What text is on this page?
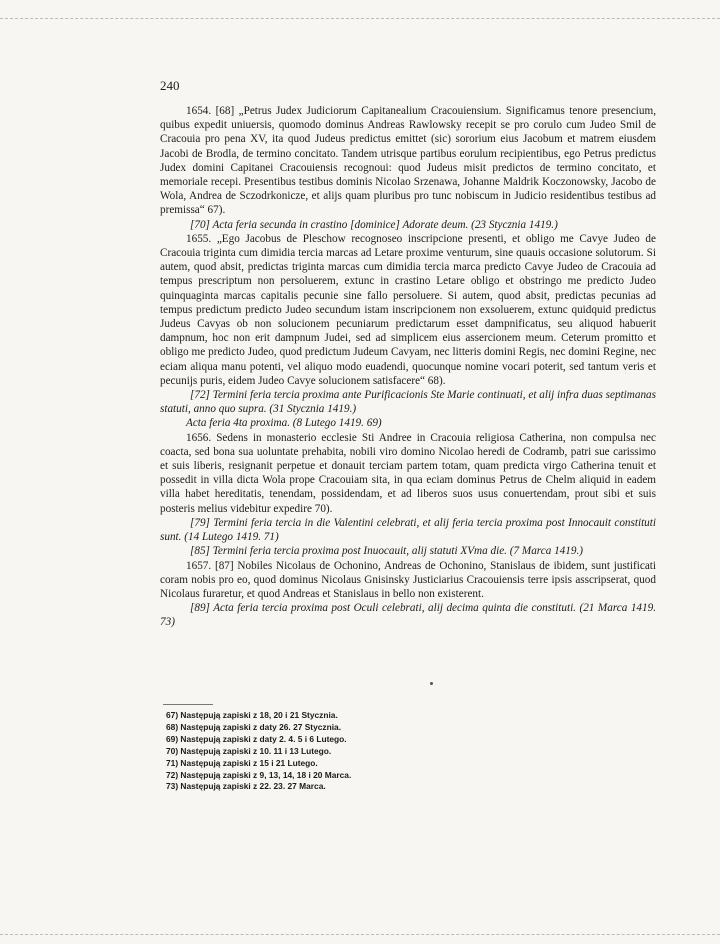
240

1654. [68] „Petrus Judex Judiciorum Capitanealium Cracouiensium. Significamus tenore presencium, quibus expedit uniuersis, quomodo dominus Andreas Rawlowsky recepit se pro corulo cum Judeo Smil de Cracouia pro pena XV, ita quod Judeus predictus emittet (sic) sororium eius Jacobum et matrem eiusdem Jacobi de Brodla, de termino concitato. Tandem utrisque partibus eorulum recipientibus, ego Petrus predictus Judex domini Capitanei Cracouiensis recognoui: quod Judeus misit predictos de termino concitato, et memoriale recepi. Presentibus testibus dominis Nicolao Srzenawa, Johanne Maldrik Koczonowsky, Jacobo de Wola, Andrea de Sczodrkonicze, et alijs quam pluribus pro tunc nobiscum in Judicio residentibus testibus ad premissa“ 67).

[70] Acta feria secunda in crastino [dominice] Adorate deum. (23 Stycznia 1419.)

1655. „Ego Jacobus de Pleschow recognoseo inscripcione presenti, et obligo me Cavye Judeo de Cracouia triginta cum dimidia tercia marcas ad Letare proxime venturum, sine quauis occasione solutorum. Si autem, quod absit, predictas triginta marcas cum dimidia tercia marca predicto Cavye Judeo de Cracouia ad tempus prescriptum non persoluerem, extunc in crastino Letare obligo et obstringo me predicto Judeo quinquaginta marcas capitalis pecunie sine fallo persoluere. Si autem, quod absit, predictas pecunias ad tempus predictum predicto Judeo secundum istam inscripcionem non exsoluerem, extunc quidquid predictus Judeus Cavyas ob non solucionem pecuniarum predictarum esset dampnificatus, seu aliquod habuerit dampnum, hoc non erit dampnum Judei, sed ad simplicem eius assercionem meum. Ceterum promitto et obligo me predicto Judeo, quod predictum Judeum Cavyam, nec litteris domini Regis, nec domini Regine, nec eciam aliqua manu potenti, vel aliquo modo euadendi, quocunque nomine vocari poterit, sed tantum veris et pecunijs puris, eidem Judeo Cavye solucionem satisfacere“ 68).

[72] Termini feria tercia proxima ante Purificacionis Ste Marie continuati, et alij infra duas septimanas statuti, anno quo supra. (31 Stycznia 1419.)

Acta feria 4ta proxima. (8 Lutego 1419. 69)

1656. Sedens in monasterio ecclesie Sti Andree in Cracouia religiosa Catherina, non compulsa nec coacta, sed bona sua uoluntate prehabita, nobili viro domino Nicolao heredi de Codramb, patri sue carissimo et suis liberis, resignanit perpetue et donauit terciam partem totam, quam predicta virgo Catherina tenuit et possedit in villa dicta Wola prope Cracouiam sita, in qua eciam dominus Petrus de Chelm aliquid in eadem villa habet hereditatis, tenendam, possidendam, et ad liberos suos usus conuertendam, prout sibi et suis posteris melius videbitur expedire 70).

[79] Termini feria tercia in die Valentini celebrati, et alij feria tercia proxima post Innocauit constituti sunt. (14 Lutego 1419. 71)

[85] Termini feria tercia proxima post Inuocauit, alij statuti XVma die. (7 Marca 1419.)

1657. [87] Nobiles Nicolaus de Ochonino, Andreas de Ochonino, Stanislaus de ibidem, sunt justificati coram nobis pro eo, quod dominus Nicolaus Gnisinsky Justiciarius Cracouiensis terre ipsis asscripserat, quod Nicolaus furaretur, et quod Andreas et Stanislaus in bello non existerent.

[89] Acta feria tercia proxima post Oculi celebrati, alij decima quinta die constituti. (21 Marca 1419. 73)

67) Następują zapiski z 18, 20 i 21 Stycznia.
68) Następują zapiski z daty 26. 27 Stycznia.
69) Następują zapiski z daty 2. 4. 5 i 6 Lutego.
70) Następują zapiski z 10. 11 i 13 Lutego.
71) Następują zapiski z 15 i 21 Lutego.
72) Następują zapiski z 9, 13, 14, 18 i 20 Marca.
73) Następują zapiski z 22. 23. 27 Marca.
